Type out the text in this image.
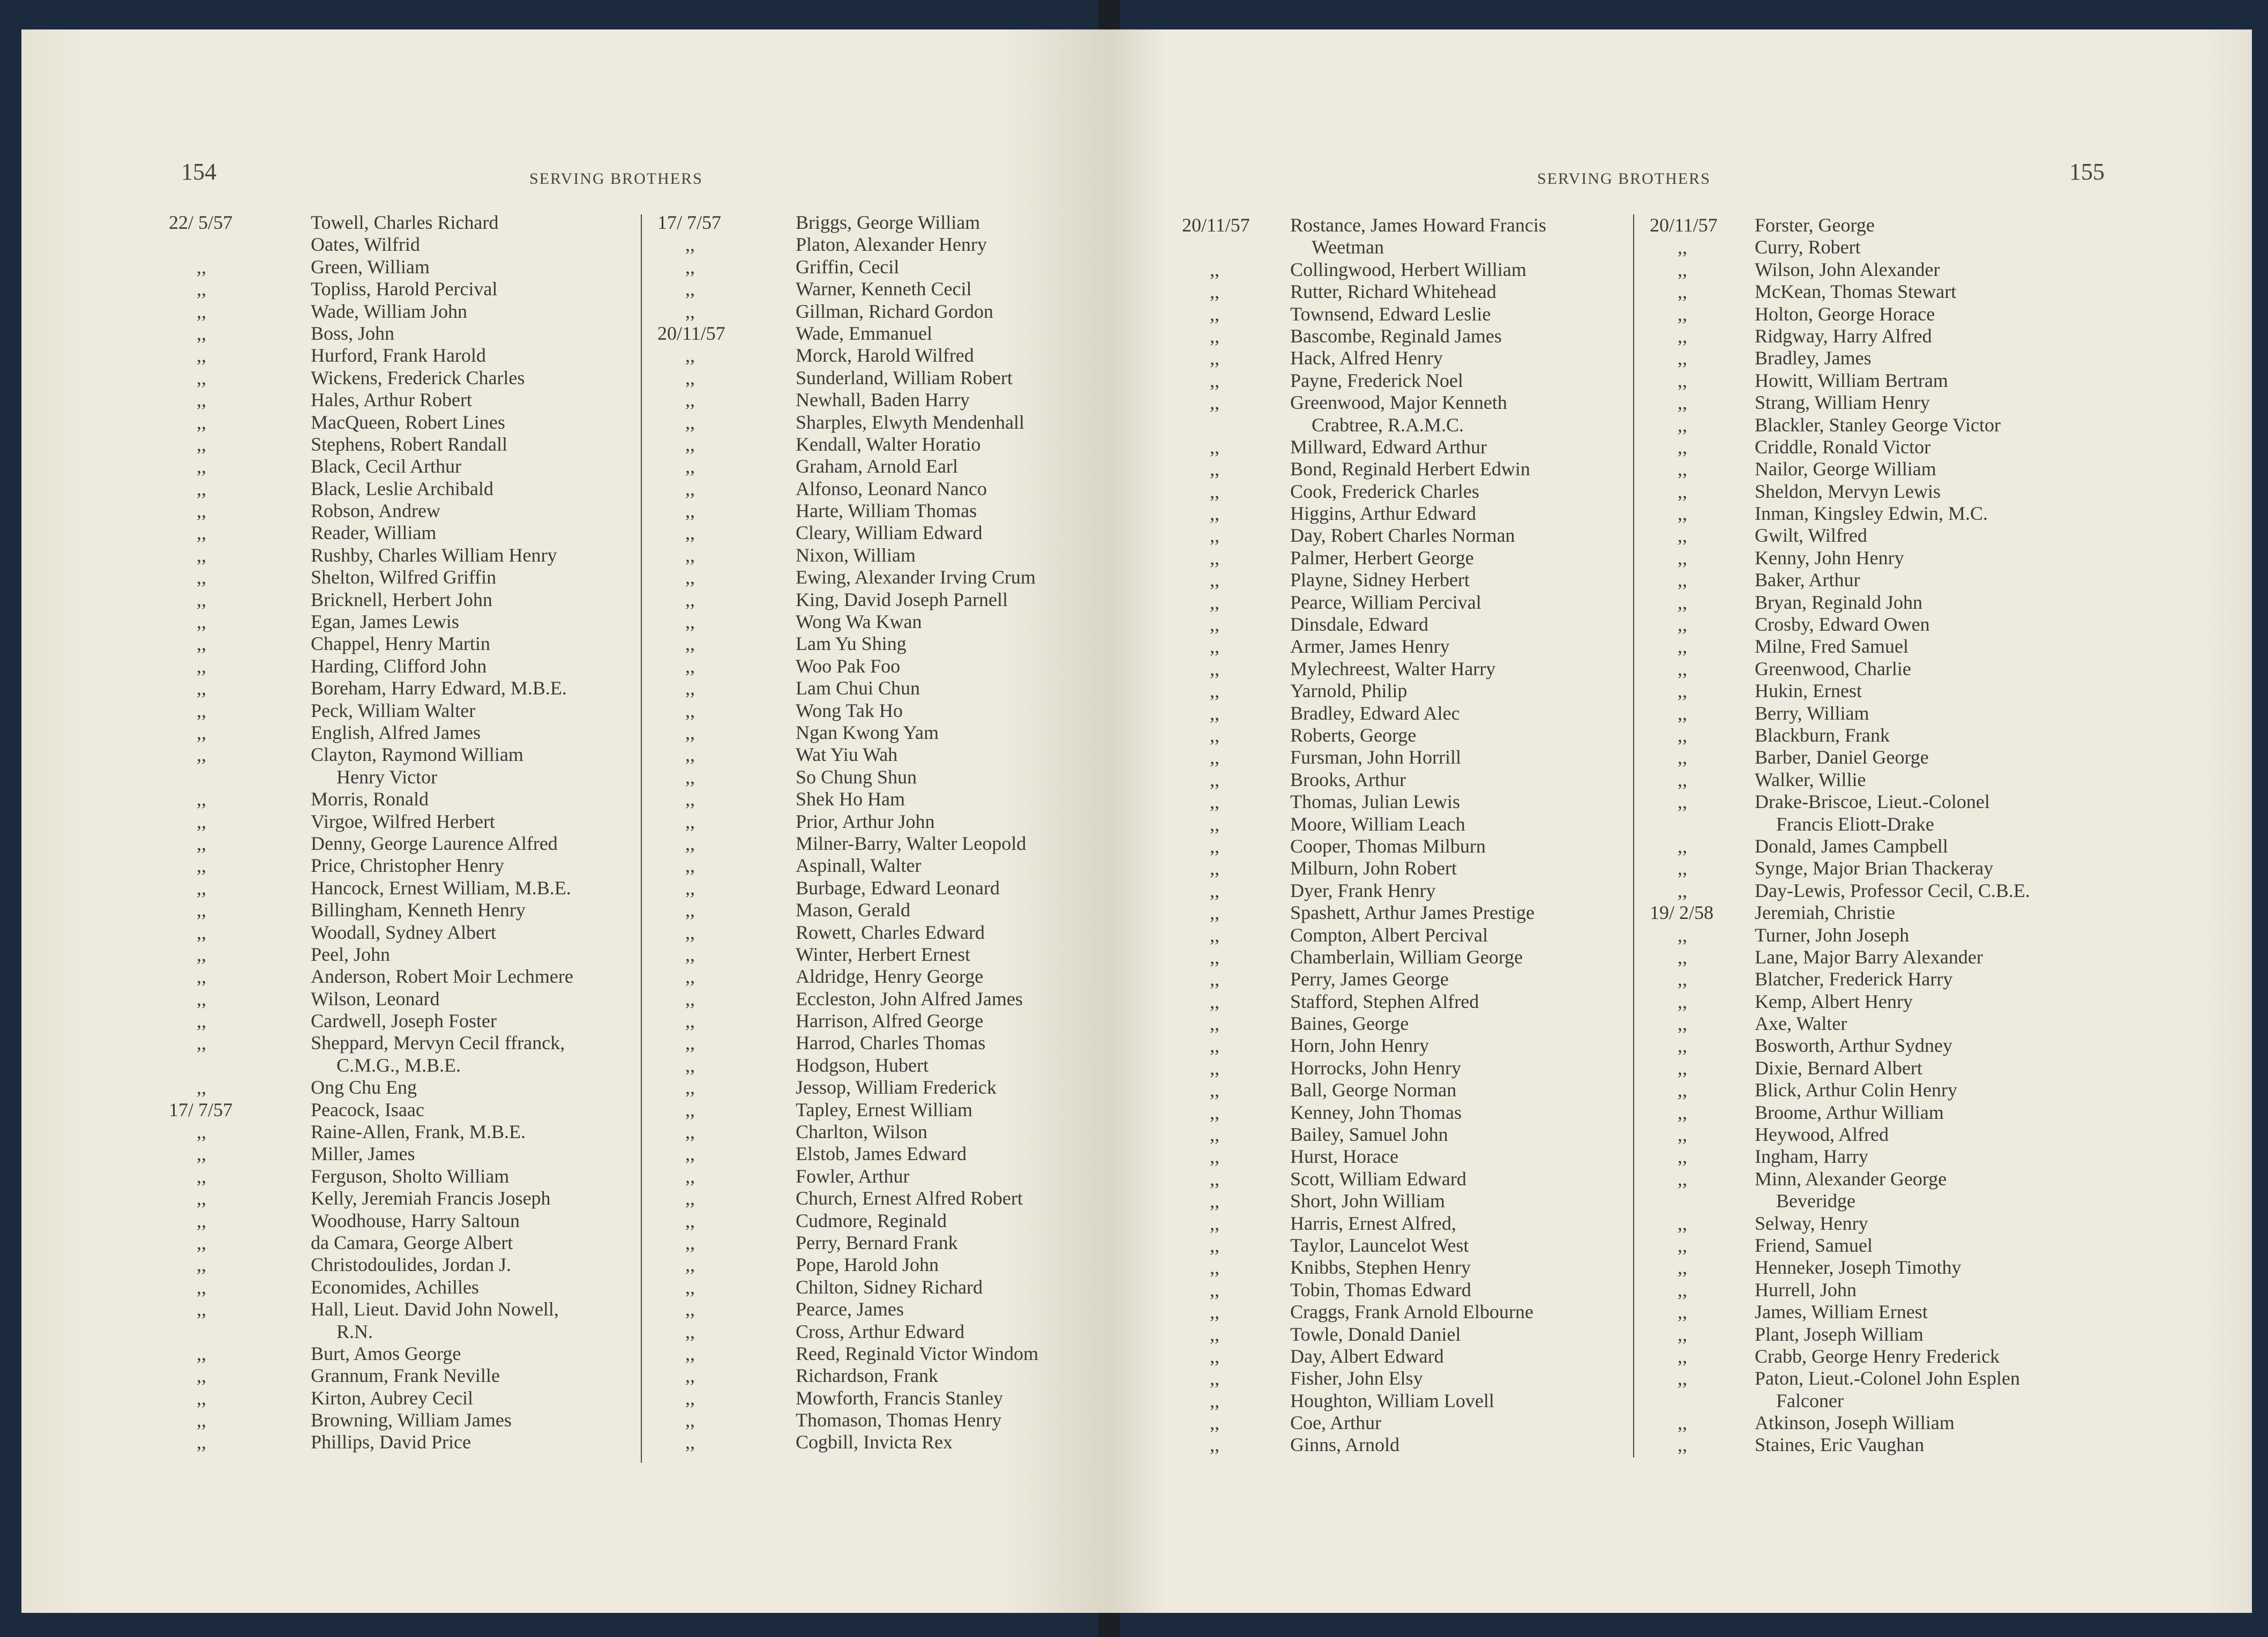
154	SERVING BROTHERS
22/ 5/57	Towell, Charles Richard
Oates, Wilfrid
,,	Green, William
,,	Topliss, Harold Percival
,,	Wade, William John
,,	Boss, John
,,	Hurford, Frank Harold
,,	Wickens, Frederick Charles
,,	Hales, Arthur Robert
,,	MacQueen, Robert Lines
,,	Stephens, Robert Randall
,,	Black, Cecil Arthur
,,	Black, Leslie Archibald
,,	Robson, Andrew
,,	Reader, William
,,	Rushby, Charles William Henry
,,	Shelton, Wilfred Griffin
,,	Bricknell, Herbert John
,,	Egan, James Lewis
,,	Chappel, Henry Martin
,,	Harding, Clifford John
,,	Boreham, Harry Edward, M.B.E.
,,	Peck, William Walter
,,	English, Alfred James
,,	Clayton, Raymond William
Henry Victor
,,	Morris, Ronald
,,	Virgoe, Wilfred Herbert
,,	Denny, George Laurence Alfred
,,	Price, Christopher Henry
,,	Hancock, Ernest William, M.B.E.
,,	Billingham, Kenneth Henry
,,	Woodall, Sydney Albert
,,	Peel, John
,,	Anderson, Robert Moir Lechmere
,,	Wilson, Leonard
,,	Cardwell, Joseph Foster
,,	Sheppard, Mervyn Cecil ffranck,
C.M.G., M.B.E.
,,	Ong Chu Eng
17/ 7/57	Peacock, Isaac
,,	Raine-Allen, Frank, M.B.E.
,,	Miller, James
,,	Ferguson, Sholto William
,,	Kelly, Jeremiah Francis Joseph
,,	Woodhouse, Harry Saltoun
,,	da Camara, George Albert
,,	Christodoulides, Jordan J.
,,	Economides, Achilles
,,	Hall, Lieut. David John Nowell,
R.N.
,,	Burt, Amos George
,,	Grannum, Frank Neville
,,	Kirton, Aubrey Cecil
,,	Browning, William James
,,	Phillips, David Price
17/ 7/57	Briggs, George William
,,	Platon, Alexander Henry
,,	Griffin, Cecil
,,	Warner, Kenneth Cecil
,,	Gillman, Richard Gordon
20/11/57	Wade, Emmanuel
,,	Morck, Harold Wilfred
,,	Sunderland, William Robert
,,	Newhall, Baden Harry
,,	Sharples, Elwyth Mendenhall
,,	Kendall, Walter Horatio
,,	Graham, Arnold Earl
,,	Alfonso, Leonard Nanco
,,	Harte, William Thomas
,,	Cleary, William Edward
,,	Nixon, William
,,	Ewing, Alexander Irving Crum
,,	King, David Joseph Parnell
,,	Wong Wa Kwan
,,	Lam Yu Shing
,,	Woo Pak Foo
,,	Lam Chui Chun
,,	Wong Tak Ho
,,	Ngan Kwong Yam
,,	Wat Yiu Wah
,,	So Chung Shun
,,	Shek Ho Ham
,,	Prior, Arthur John
,,	Milner-Barry, Walter Leopold
,,	Aspinall, Walter
,,	Burbage, Edward Leonard
,,	Mason, Gerald
,,	Rowett, Charles Edward
,,	Winter, Herbert Ernest
,,	Aldridge, Henry George
,,	Eccleston, John Alfred James
,,	Harrison, Alfred George
,,	Harrod, Charles Thomas
,,	Hodgson, Hubert
,,	Jessop, William Frederick
,,	Tapley, Ernest William
,,	Charlton, Wilson
,,	Elstob, James Edward
,,	Fowler, Arthur
,,	Church, Ernest Alfred Robert
,,	Cudmore, Reginald
,,	Perry, Bernard Frank
,,	Pope, Harold John
,,	Chilton, Sidney Richard
,,	Pearce, James
,,	Cross, Arthur Edward
,,	Reed, Reginald Victor Windom
,,	Richardson, Frank
,,	Mowforth, Francis Stanley
,,	Thomason, Thomas Henry
,,	Cogbill, Invicta Rex
SERVING BROTHERS	155
20/11/57 Rostance, James Howard Francis
Weetman
,,	Collingwood, Herbert William
,,	Rutter, Richard Whitehead
,,	Townsend, Edward Leslie
,,	Bascombe, Reginald James
,,	Hack, Alfred Henry
,,	Payne, Frederick Noel
,,	Greenwood, Major Kenneth
Crabtree, R.A.M.C.
,,	Millward, Edward Arthur
,,	Bond, Reginald Herbert Edwin
,,	Cook, Frederick Charles
,,	Higgins, Arthur Edward
,,	Day, Robert Charles Norman
,,	Palmer, Herbert George
,,	Playne, Sidney Herbert
,,	Pearce, William Percival
,,	Dinsdale, Edward
,,	Armer, James Henry
,,	Mylechreest, Walter Harry
,,	Yarnold, Philip
,,	Bradley, Edward Alec
,,	Roberts, George
,,	Fursman, John Horrill
,,	Brooks, Arthur
,,	Thomas, Julian Lewis
,,	Moore, William Leach
,,	Cooper, Thomas Milburn
,,	Milburn, John Robert
,,	Dyer, Frank Henry
,,	Spashett, Arthur James Prestige
,,	Compton, Albert Percival
,,	Chamberlain, William George
,,	Perry, James George
,,	Stafford, Stephen Alfred
,,	Baines, George
,,	Horn, John Henry
,,	Horrocks, John Henry
,,	Ball, George Norman
,,	Kenney, John Thomas
,,	Bailey, Samuel John
,,	Hurst, Horace
,,	Scott, William Edward
,,	Short, John William
,,	Harris, Ernest Alfred,
,,	Taylor, Launcelot West
,,	Knibbs, Stephen Henry
,,	Tobin, Thomas Edward
,,	Craggs, Frank Arnold Elbourne
,,	Towle, Donald Daniel
,,	Day, Albert Edward
,,	Fisher, John Elsy
,,	Houghton, William Lovell
,,	Coe, Arthur
,,	Ginns, Arnold
20/11/57 Forster, George
,,	Curry, Robert
,,	Wilson, John Alexander
,,	McKean, Thomas Stewart
,,	Holton, George Horace
,,	Ridgway, Harry Alfred
,,	Bradley, James
,,	Howitt, William Bertram
,,	Strang, William Henry
,,	Blackler, Stanley George Victor
,,	Criddle, Ronald Victor
,,	Nailor, George William
,,	Sheldon, Mervyn Lewis
,,	Inman, Kingsley Edwin, M.C.
,,	Gwilt, Wilfred
,,	Kenny, John Henry
,,	Baker, Arthur
,,	Bryan, Reginald John
,,	Crosby, Edward Owen
,,	Milne, Fred Samuel
,,	Greenwood, Charlie
,,	Hukin, Ernest
,,	Berry, William
,,	Blackburn, Frank
,,	Barber, Daniel George
,,	Walker, Willie
,,	Drake-Briscoe, Lieut.-Colonel
Francis Eliott-Drake
,,	Donald, James Campbell
,,	Synge, Major Brian Thackeray
,,	Day-Lewis, Professor Cecil, C.B.E.
19/ 2/58 Jeremiah, Christie
,,	Turner, John Joseph
,,	Lane, Major Barry Alexander
,,	Blatcher, Frederick Harry
,,	Kemp, Albert Henry
,,	Axe, Walter
,,	Bosworth, Arthur Sydney
,,	Dixie, Bernard Albert
,,	Blick, Arthur Colin Henry
,,	Broome, Arthur William
,,	Heywood, Alfred
,,	Ingham, Harry
,,	Minn, Alexander George
Beveridge
,,	Selway, Henry
,,	Friend, Samuel
,,	Henneker, Joseph Timothy
,,	Hurrell, John
,,	James, William Ernest
,,	Plant, Joseph William
,,	Crabb, George Henry Frederick
,,	Paton, Lieut.-Colonel John Esplen
Falconer
,,	Atkinson, Joseph William
,,	Staines, Eric Vaughan
